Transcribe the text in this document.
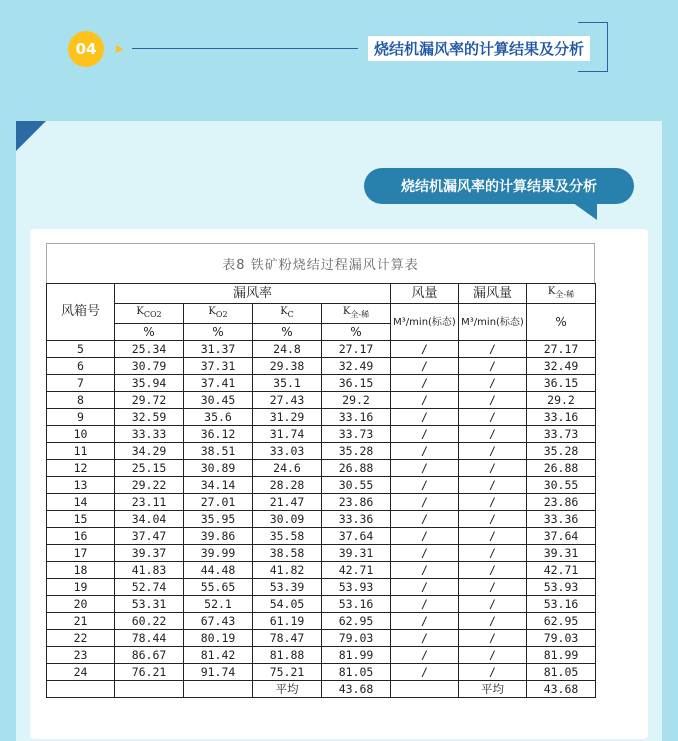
04	烧结机漏风率的计算结果及分析
烧结机漏风率的计算结果及分析
表8 铁矿粉烧结过程漏风计算表
风箱号	漏风率				风量	漏风量	$K_{全-稀}$
	$K_{CO2}$	$K_{O2}$	$K_C$	$K_{全-稀}$	M³/min(标态)	M³/min(标态)	%
	%	%	%	%			
5	25.34	31.37	24.8	27.17	/	/	27.17
6	30.79	37.31	29.38	32.49	/	/	32.49
7	35.94	37.41	35.1	36.15	/	/	36.15
8	29.72	30.45	27.43	29.2	/	/	29.2
9	32.59	35.6	31.29	33.16	/	/	33.16
10	33.33	36.12	31.74	33.73	/	/	33.73
11	34.29	38.51	33.03	35.28	/	/	35.28
12	25.15	30.89	24.6	26.88	/	/	26.88
13	29.22	34.14	28.28	30.55	/	/	30.55
14	23.11	27.01	21.47	23.86	/	/	23.86
15	34.04	35.95	30.09	33.36	/	/	33.36
16	37.47	39.86	35.58	37.64	/	/	37.64
17	39.37	39.99	38.58	39.31	/	/	39.31
18	41.83	44.48	41.82	42.71	/	/	42.71
19	52.74	55.65	53.39	53.93	/	/	53.93
20	53.31	52.1	54.05	53.16	/	/	53.16
21	60.22	67.43	61.19	62.95	/	/	62.95
22	78.44	80.19	78.47	79.03	/	/	79.03
23	86.67	81.42	81.88	81.99	/	/	81.99
24	76.21	91.74	75.21	81.05	/	/	81.05
			平均	43.68		平均	43.68
